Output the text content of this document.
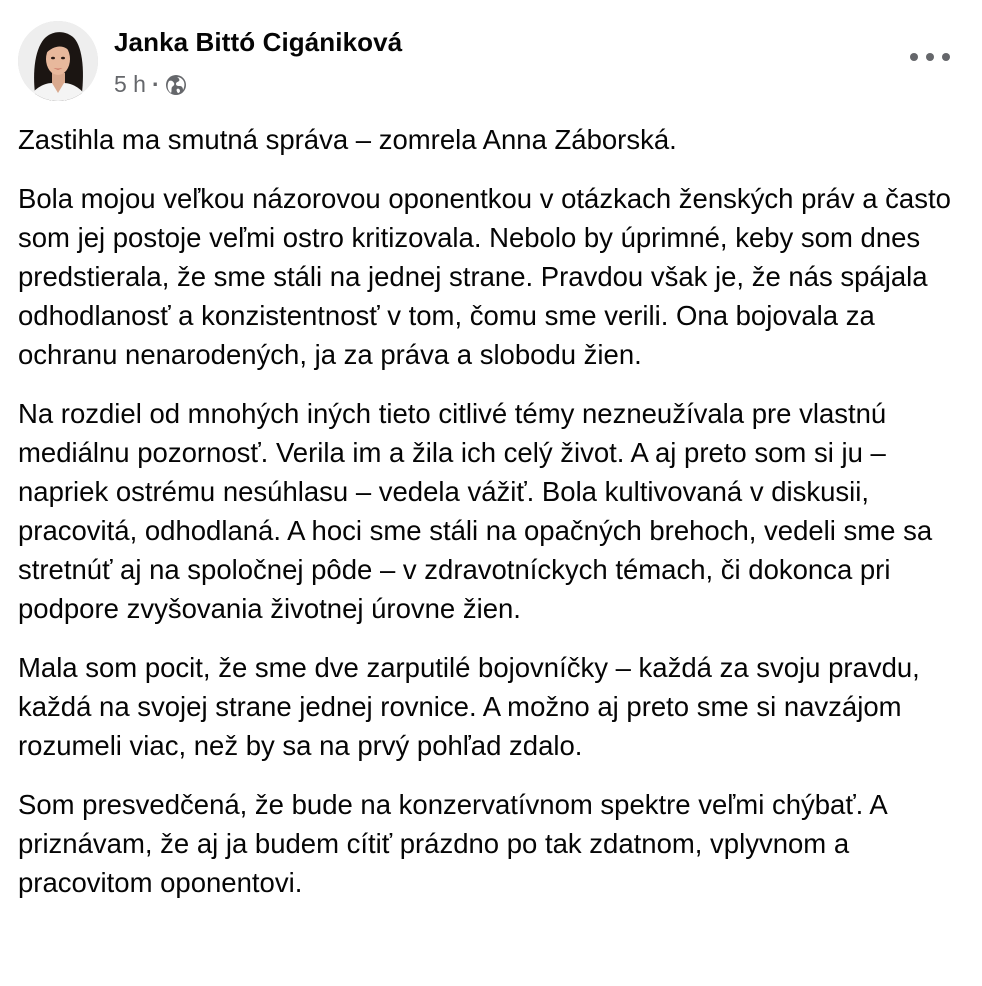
Janka Bittó Cigániková
5 h ·

Zastihla ma smutná správa – zomrela Anna Záborská.

Bola mojou veľkou názorovou oponentkou v otázkach ženských práv a často som jej postoje veľmi ostro kritizovala. Nebolo by úprimné, keby som dnes predstierala, že sme stáli na jednej strane. Pravdou však je, že nás spájala odhodlanosť a konzistentnosť v tom, čomu sme verili. Ona bojovala za ochranu nenarodených, ja za práva a slobodu žien.

Na rozdiel od mnohých iných tieto citlivé témy nezneužívala pre vlastnú mediálnu pozornosť. Verila im a žila ich celý život. A aj preto som si ju – napriek ostrému nesúhlasu – vedela vážiť. Bola kultivovaná v diskusii, pracovitá, odhodlaná. A hoci sme stáli na opačných brehoch, vedeli sme sa stretnúť aj na spoločnej pôde – v zdravotníckych témach, či dokonca pri podpore zvyšovania životnej úrovne žien.

Mala som pocit, že sme dve zarputilé bojovníčky – každá za svoju pravdu, každá na svojej strane jednej rovnice. A možno aj preto sme si navzájom rozumeli viac, než by sa na prvý pohľad zdalo.

Som presvedčená, že bude na konzervatívnom spektre veľmi chýbať. A priznávam, že aj ja budem cítiť prázdno po tak zdatnom, vplyvnom a pracovitom oponentovi.
